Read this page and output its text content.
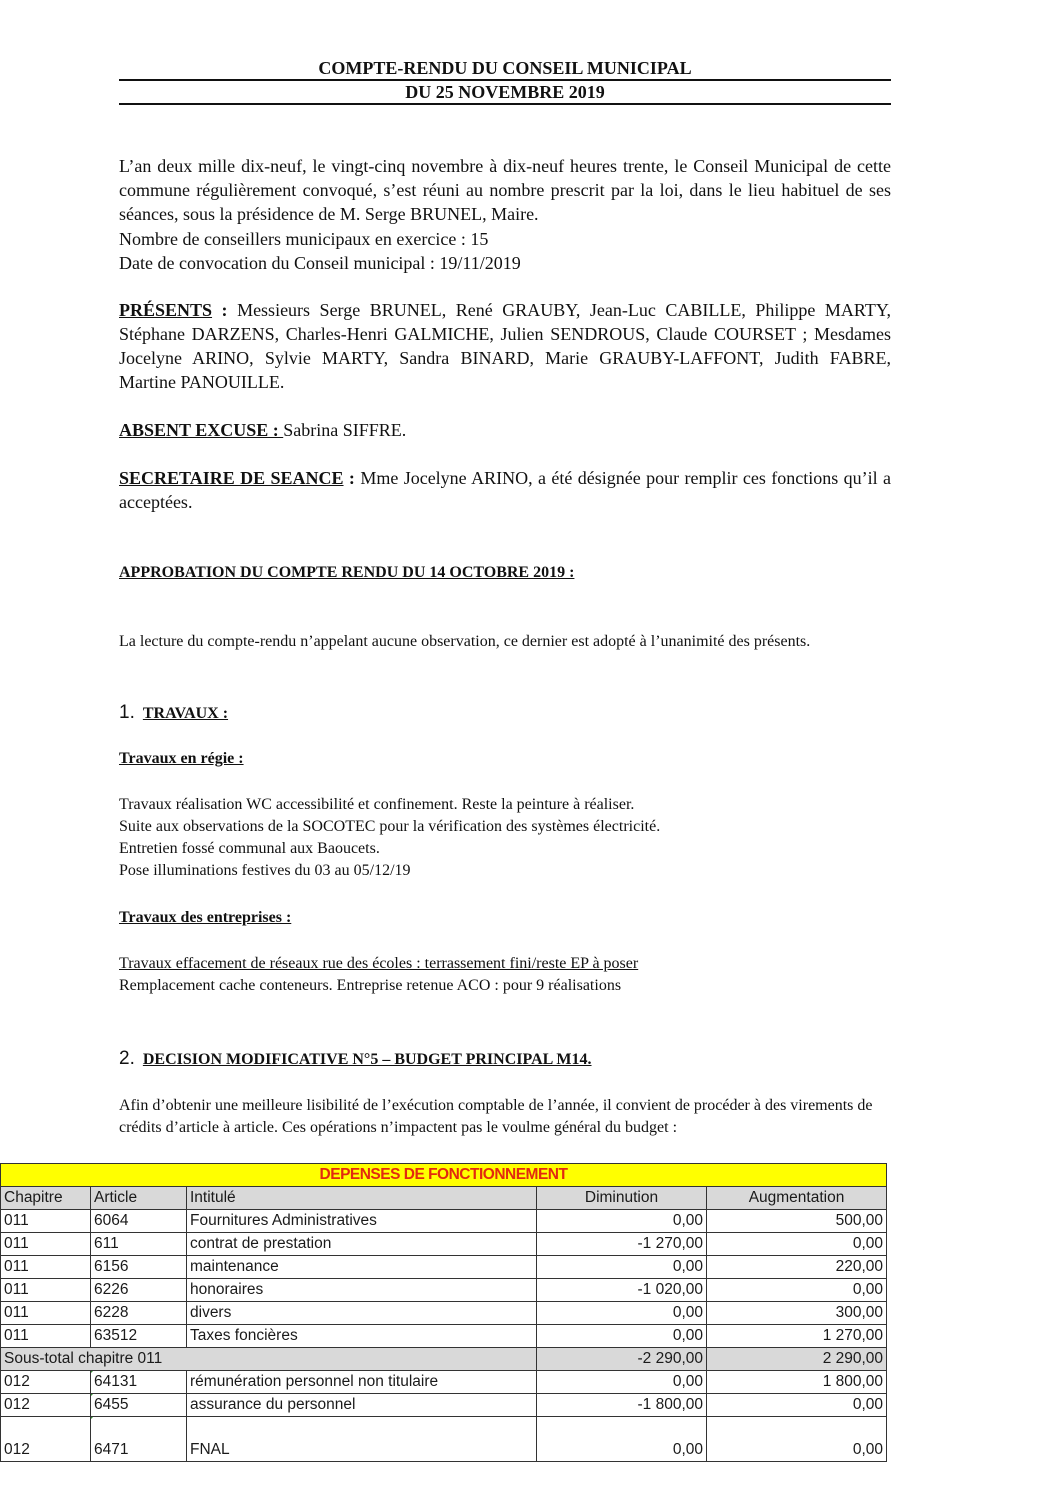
COMPTE-RENDU DU CONSEIL MUNICIPAL
DU 25 NOVEMBRE 2019
L’an deux mille dix-neuf, le vingt-cinq novembre à dix-neuf heures trente, le Conseil Municipal de cette commune régulièrement convoqué, s’est réuni au nombre prescrit par la loi, dans le lieu habituel de ses séances, sous la présidence de M. Serge BRUNEL, Maire.
Nombre de conseillers municipaux en exercice : 15
Date de convocation du Conseil municipal : 19/11/2019
PRÉSENTS : Messieurs Serge BRUNEL, René GRAUBY, Jean-Luc CABILLE, Philippe MARTY, Stéphane DARZENS, Charles-Henri GALMICHE, Julien SENDROUS, Claude COURSET ; Mesdames Jocelyne ARINO, Sylvie MARTY, Sandra BINARD, Marie GRAUBY-LAFFONT, Judith FABRE, Martine PANOUILLE.
ABSENT EXCUSE : Sabrina SIFFRE.
SECRETAIRE DE SEANCE : Mme Jocelyne ARINO, a été désignée pour remplir ces fonctions qu’il a acceptées.
APPROBATION DU COMPTE RENDU DU 14 OCTOBRE 2019 :
La lecture du compte-rendu n’appelant aucune observation, ce dernier est adopté à l’unanimité des présents.
1. TRAVAUX :
Travaux en régie :
Travaux réalisation WC accessibilité et confinement. Reste la peinture à réaliser.
Suite aux observations de la SOCOTEC pour la vérification des systèmes électricité.
Entretien fossé communal aux Baoucets.
Pose illuminations festives du 03 au 05/12/19
Travaux des entreprises :
Travaux effacement de réseaux rue des écoles : terrassement fini/reste EP à poser
Remplacement cache conteneurs. Entreprise retenue ACO : pour 9 réalisations
2. DECISION MODIFICATIVE N°5 – BUDGET PRINCIPAL M14.
Afin d’obtenir une meilleure lisibilité de l’exécution comptable de l’année, il convient de procéder à des virements de crédits d’article à article. Ces opérations n’impactent pas le voulme général du budget :
DEPENSES DE FONCTIONNEMENT				
Chapitre	Article	Intitulé	Diminution	Augmentation
011	6064	Fournitures Administratives	0,00	500,00
011	611	contrat de prestation	-1 270,00	0,00
011	6156	maintenance	0,00	220,00
011	6226	honoraires	-1 020,00	0,00
011	6228	divers	0,00	300,00
011	63512	Taxes foncières	0,00	1 270,00
Sous-total chapitre 011			-2 290,00	2 290,00
012	64131	rémunération personnel non titulaire	0,00	1 800,00
012	6455	assurance du personnel	-1 800,00	0,00
012	6471	FNAL	0,00	0,00
